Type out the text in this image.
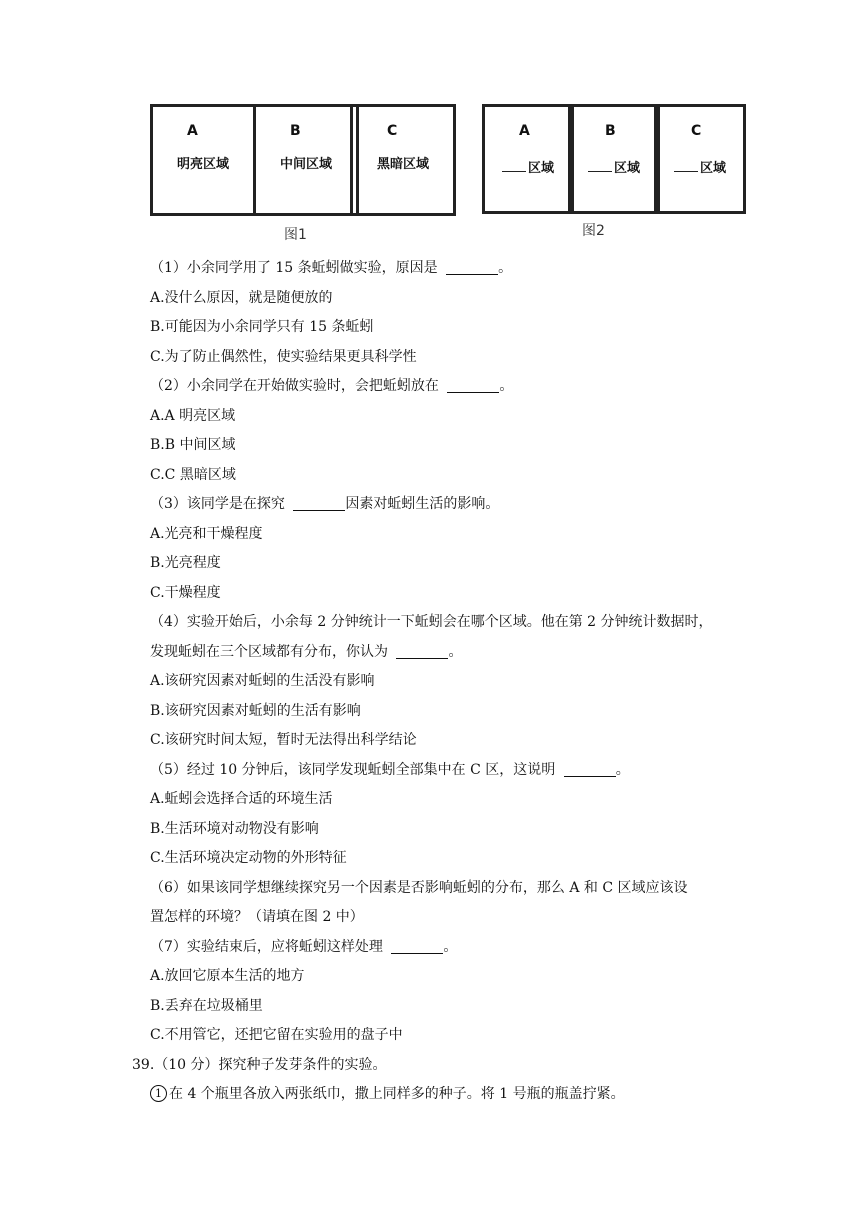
A
明亮区域
B
中间区域
C
黑暗区域
图1
A
区域
B
区域
C
区域
图2
（1）小余同学用了 15 条蚯蚓做实验，原因是	。
A.没什么原因，就是随便放的
B.可能因为小余同学只有 15 条蚯蚓
C.为了防止偶然性，使实验结果更具科学性
（2）小余同学在开始做实验时，会把蚯蚓放在	。
A.A 明亮区域
B.B 中间区域
C.C 黑暗区域
（3）该同学是在探究	因素对蚯蚓生活的影响。
A.光亮和干燥程度
B.光亮程度
C.干燥程度
（4）实验开始后，小余每 2 分钟统计一下蚯蚓会在哪个区域。他在第 2 分钟统计数据时，
发现蚯蚓在三个区域都有分布，你认为	。
A.该研究因素对蚯蚓的生活没有影响
B.该研究因素对蚯蚓的生活有影响
C.该研究时间太短，暂时无法得出科学结论
（5）经过 10 分钟后，该同学发现蚯蚓全部集中在 C 区，这说明	。
A.蚯蚓会选择合适的环境生活
B.生活环境对动物没有影响
C.生活环境决定动物的外形特征
（6）如果该同学想继续探究另一个因素是否影响蚯蚓的分布，那么 A 和 C 区域应该设
置怎样的环境？（请填在图 2 中）
（7）实验结束后，应将蚯蚓这样处理	。
A.放回它原本生活的地方
B.丢弃在垃圾桶里
C.不用管它，还把它留在实验用的盘子中
39.（10 分）探究种子发芽条件的实验。
1 在 4 个瓶里各放入两张纸巾，撒上同样多的种子。将 1 号瓶的瓶盖拧紧。
